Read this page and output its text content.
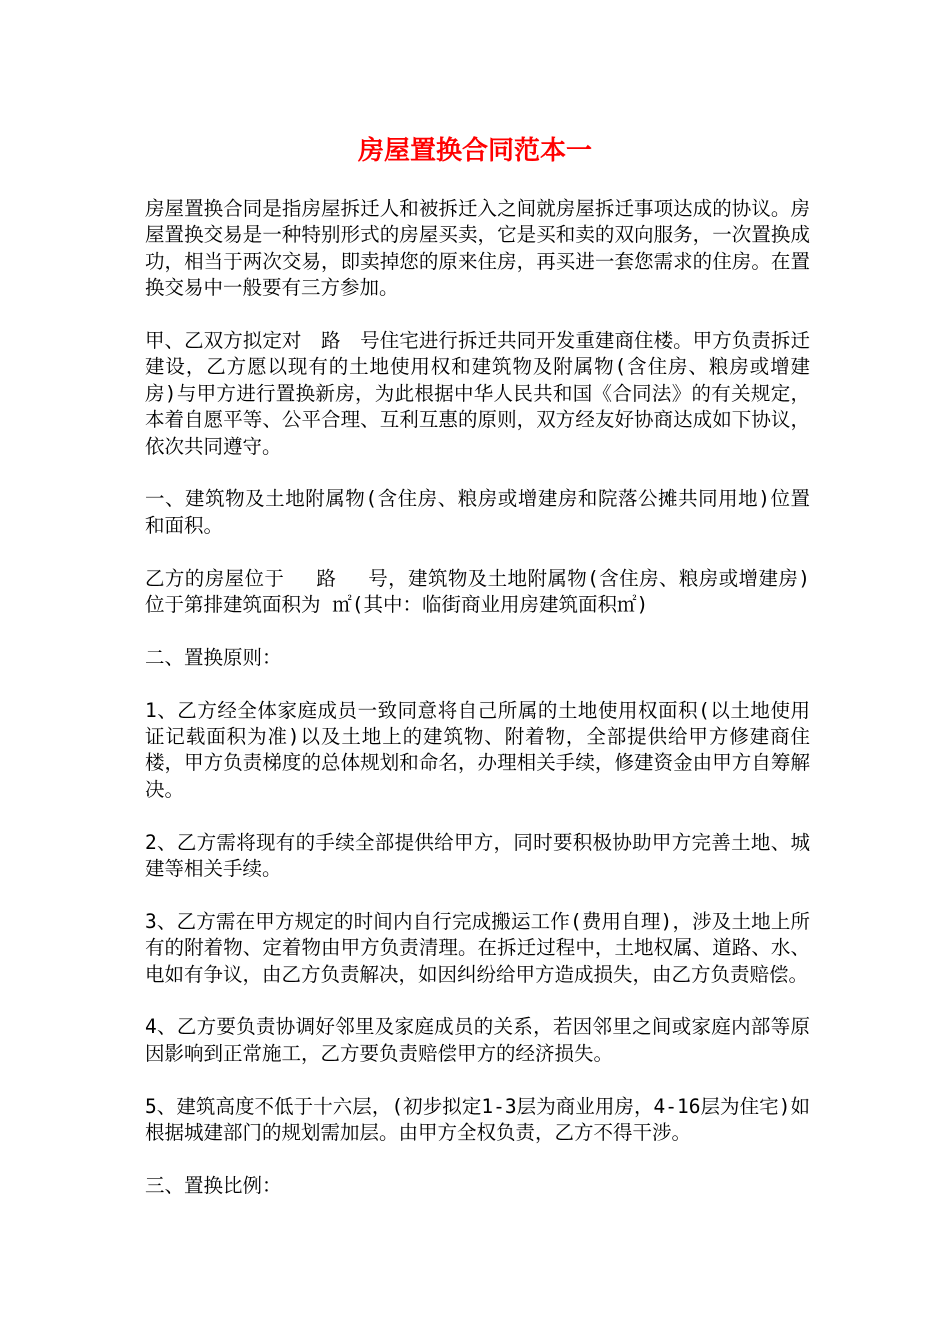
房屋置换合同范本一

房屋置换合同是指房屋拆迁人和被拆迁入之间就房屋拆迁事项达成的协议。房屋置换交易是一种特别形式的房屋买卖，它是买和卖的双向服务，一次置换成功，相当于两次交易，即卖掉您的原来住房，再买进一套您需求的住房。在置换交易中一般要有三方参加。

甲、乙双方拟定对　路　号住宅进行拆迁共同开发重建商住楼。甲方负责拆迁建设，乙方愿以现有的土地使用权和建筑物及附属物(含住房、粮房或增建房)与甲方进行置换新房，为此根据中华人民共和国《合同法》的有关规定，本着自愿平等、公平合理、互利互惠的原则，双方经友好协商达成如下协议，依次共同遵守。

一、建筑物及土地附属物(含住房、粮房或增建房和院落公摊共同用地)位置和面积。

乙方的房屋位于　 路　 号，建筑物及土地附属物(含住房、粮房或增建房)位于第排建筑面积为 ㎡(其中：临街商业用房建筑面积㎡)

二、置换原则：

1、乙方经全体家庭成员一致同意将自己所属的土地使用权面积(以土地使用证记载面积为准)以及土地上的建筑物、附着物，全部提供给甲方修建商住楼，甲方负责梯度的总体规划和命名，办理相关手续，修建资金由甲方自筹解决。

2、乙方需将现有的手续全部提供给甲方，同时要积极协助甲方完善土地、城建等相关手续。

3、乙方需在甲方规定的时间内自行完成搬运工作(费用自理)，涉及土地上所有的附着物、定着物由甲方负责清理。在拆迁过程中，土地权属、道路、水、电如有争议，由乙方负责解决，如因纠纷给甲方造成损失，由乙方负责赔偿。

4、乙方要负责协调好邻里及家庭成员的关系，若因邻里之间或家庭内部等原因影响到正常施工，乙方要负责赔偿甲方的经济损失。

5、建筑高度不低于十六层，(初步拟定1-3层为商业用房，4-16层为住宅)如根据城建部门的规划需加层。由甲方全权负责，乙方不得干涉。

三、置换比例：
